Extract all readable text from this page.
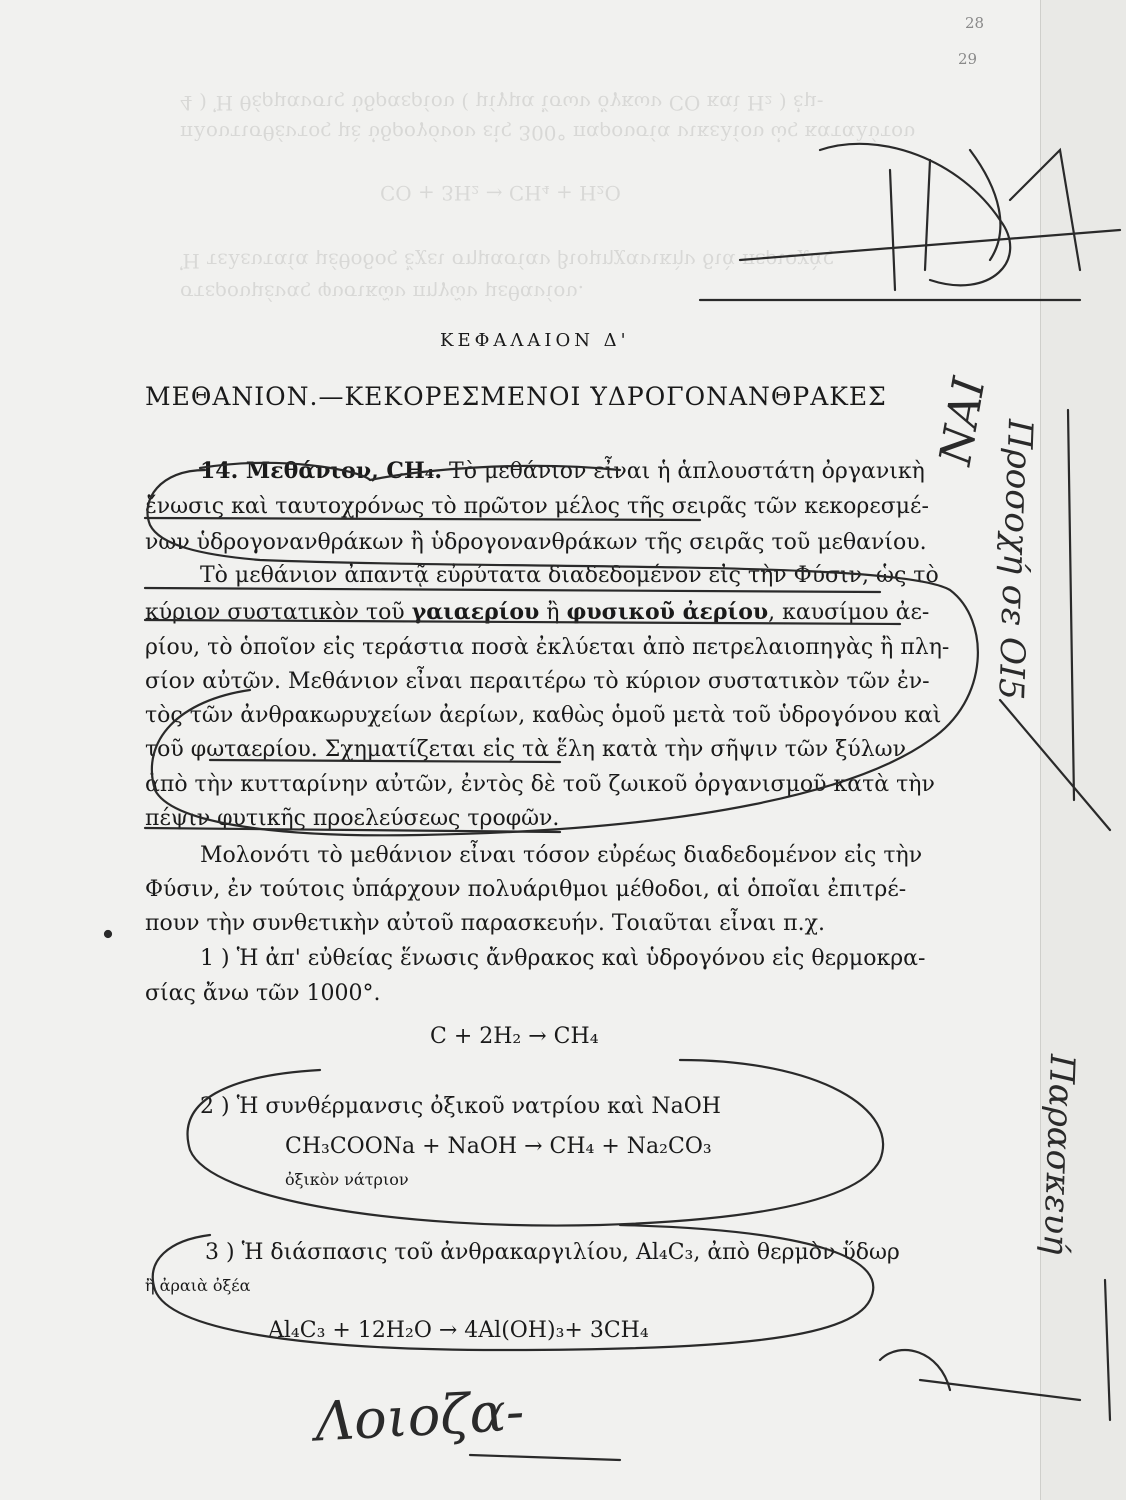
28
29
4 ) Ἡ θέρμανσις ὑδραερίου ( μίγμα ἴσων ὄγκων CO καὶ H₂ ) ἐμ-
πλουτισθέντος μὲ ὑδρογόνον εἰς 300° παρουσία νικελίου ὡς καταλύτου
CO + 3H₂ → CH₄ + H₂O
Ἡ τελευταία μέθοδος ἔχει σημασίαν βιομηχανικὴν διὰ περιοχὰς
στερουμένας φυσικῶν πηγῶν μεθανίου.
ΚΕΦΑΛΑΙΟΝ Δ'
ΜΕΘΑΝΙΟΝ.—ΚΕΚΟΡΕΣΜΕΝΟΙ ΥΔΡΟΓΟΝΑΝΘΡΑΚΕΣ
14. Μεθάνιον, CH₄. Τὸ μεθάνιον εἶναι ἡ ἁπλουστάτη ὀργανικὴ
ἕνωσις καὶ ταυτοχρόνως τὸ πρῶτον μέλος τῆς σειρᾶς τῶν κεκορεσμέ-
νων ὑδρογονανθράκων ἢ ὑδρογονανθράκων τῆς σειρᾶς τοῦ μεθανίου.
Τὸ μεθάνιον ἀπαντᾷ εὐρύτατα διαδεδομένον εἰς τὴν Φύσιν, ὡς τὸ
κύριον συστατικὸν τοῦ γαιαερίου ἢ φυσικοῦ ἀερίου, καυσίμου ἀε-
ρίου, τὸ ὁποῖον εἰς τεράστια ποσὰ ἐκλύεται ἀπὸ πετρελαιοπηγὰς ἢ πλη-
σίον αὐτῶν. Μεθάνιον εἶναι περαιτέρω τὸ κύριον συστατικὸν τῶν ἐν-
τὸς τῶν ἀνθρακωρυχείων ἀερίων, καθὼς ὁμοῦ μετὰ τοῦ ὑδρογόνου καὶ
τοῦ φωταερίου. Σχηματίζεται εἰς τὰ ἕλη κατὰ τὴν σῆψιν τῶν ξύλων
ἀπὸ τὴν κυτταρίνην αὐτῶν, ἐντὸς δὲ τοῦ ζωικοῦ ὀργανισμοῦ κατὰ τὴν
πέψιν φυτικῆς προελεύσεως τροφῶν.
Μολονότι τὸ μεθάνιον εἶναι τόσον εὐρέως διαδεδομένον εἰς τὴν
Φύσιν, ἐν τούτοις ὑπάρχουν πολυάριθμοι μέθοδοι, αἱ ὁποῖαι ἐπιτρέ-
πουν τὴν συνθετικὴν αὐτοῦ παρασκευήν. Τοιαῦται εἶναι π.χ.
1 ) Ἡ ἀπ' εὐθείας ἕνωσις ἄνθρακος καὶ ὑδρογόνου εἰς θερμοκρα-
σίας ἄνω τῶν 1000°.
C + 2H₂ → CH₄
2 ) Ἡ συνθέρμανσις ὀξικοῦ νατρίου καὶ NaOH
CH₃COONa + NaOH → CH₄ + Na₂CO₃
ὀξικὸν νάτριον
3 ) Ἡ διάσπασις τοῦ ἀνθρακαργιλίου, Al₄C₃, ἀπὸ θερμὸν ὕδωρ
ἢ ἀραιὰ ὀξέα
Al₄C₃ + 12H₂O → 4Al(OH)₃+ 3CH₄
Προσοχή σε ΟΙ5
Παρασκευή
ΝΑΙ
Λοιοζα-
